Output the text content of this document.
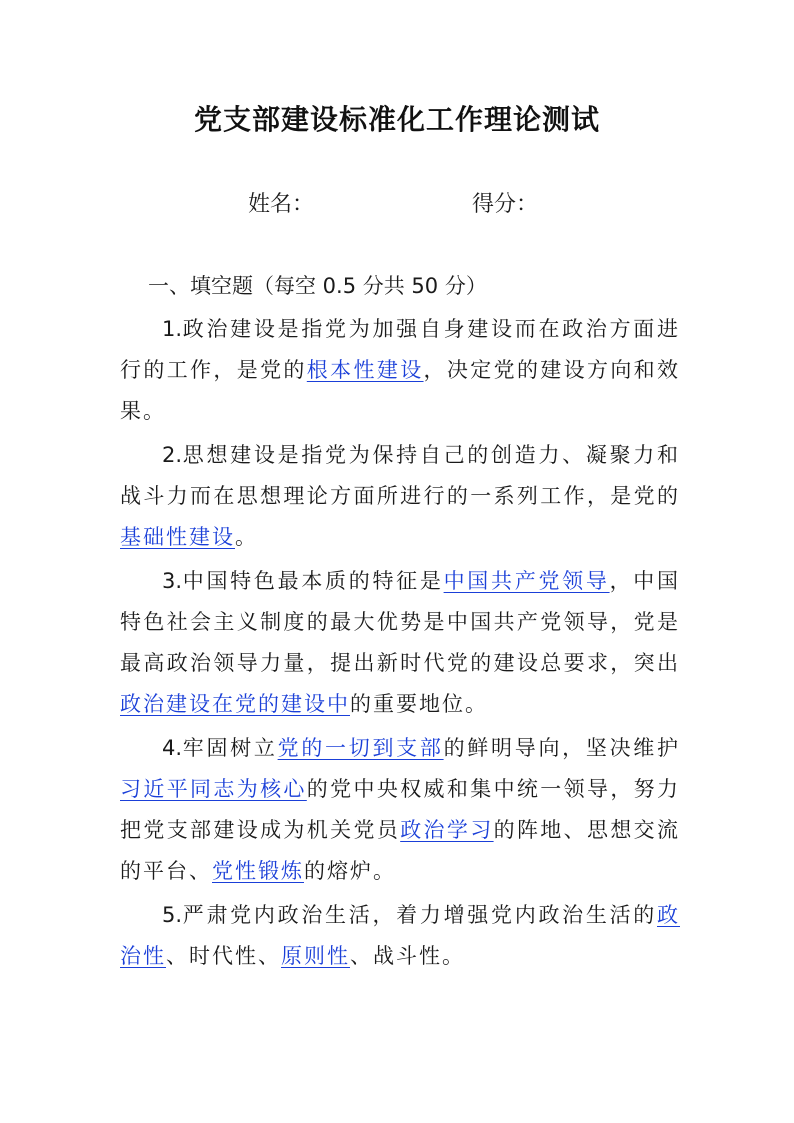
党支部建设标准化工作理论测试
姓名：	得分：
一、填空题（每空 0.5 分共 50 分）

1.政治建设是指党为加强自身建设而在政治方面进行的工作，是党的根本性建设，决定党的建设方向和效果。

2.思想建设是指党为保持自己的创造力、凝聚力和战斗力而在思想理论方面所进行的一系列工作，是党的基础性建设。

3.中国特色最本质的特征是中国共产党领导，中国特色社会主义制度的最大优势是中国共产党领导，党是最高政治领导力量，提出新时代党的建设总要求，突出政治建设在党的建设中的重要地位。

4.牢固树立党的一切到支部的鲜明导向，坚决维护习近平同志为核心的党中央权威和集中统一领导，努力把党支部建设成为机关党员政治学习的阵地、思想交流的平台、党性锻炼的熔炉。

5.严肃党内政治生活，着力增强党内政治生活的政治性、时代性、原则性、战斗性。
